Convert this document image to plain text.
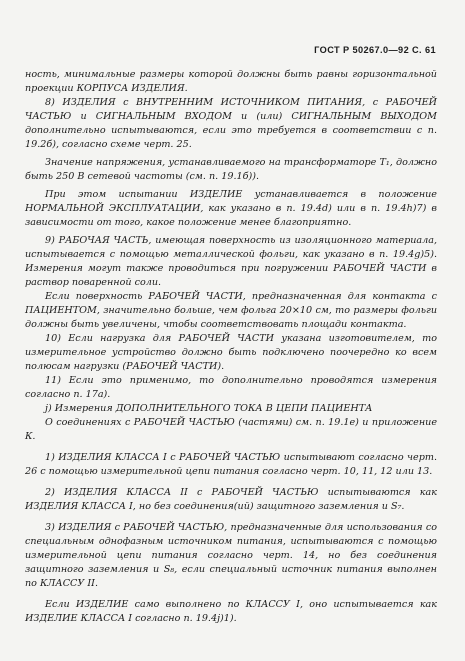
ГОСТ Р 50267.0—92 С. 61

ность, минимальные размеры которой должны быть равны горизонтальной проекции КОРПУСА ИЗДЕЛИЯ.

8) ИЗДЕЛИЯ с ВНУТРЕННИМ ИСТОЧНИКОМ ПИТАНИЯ, с РАБОЧЕЙ ЧАСТЬЮ и СИГНАЛЬНЫМ ВХОДОМ и (или) СИГНАЛЬНЫМ ВЫХОДОМ дополнительно испытываются, если это требуется в соответствии с п. 19.2б), согласно схеме черт. 25.

Значение напряжения, устанавливаемого на трансформаторе T₁, должно быть 250 В сетевой частоты (см. п. 19.1б)).

При этом испытании ИЗДЕЛИЕ устанавливается в положение НОРМАЛЬНОЙ ЭКСПЛУАТАЦИИ, как указано в п. 19.4d) или в п. 19.4h)7) в зависимости от того, какое положение менее благоприятно.

9) РАБОЧАЯ ЧАСТЬ, имеющая поверхность из изоляционного материала, испытывается с помощью металлической фольги, как указано в п. 19.4g)5). Измерения могут также проводиться при погружении РАБОЧЕЙ ЧАСТИ в раствор поваренной соли.

Если поверхность РАБОЧЕЙ ЧАСТИ, предназначенная для контакта с ПАЦИЕНТОМ, значительно больше, чем фольга 20×10 см, то размеры фольги должны быть увеличены, чтобы соответствовать площади контакта.

10) Если нагрузка для РАБОЧЕЙ ЧАСТИ указана изготовителем, то измерительное устройство должно быть подключено поочередно ко всем полюсам нагрузки (РАБОЧЕЙ ЧАСТИ).

11) Если это применимо, то дополнительно проводятся измерения согласно п. 17а).

j) Измерения ДОПОЛНИТЕЛЬНОГО ТОКА В ЦЕПИ ПАЦИЕНТА

О соединениях с РАБОЧЕЙ ЧАСТЬЮ (частями) см. п. 19.1е) и приложение К.

1) ИЗДЕЛИЯ КЛАССА I с РАБОЧЕЙ ЧАСТЬЮ испытывают согласно черт. 26 с помощью измерительной цепи питания согласно черт. 10, 11, 12 или 13.

2) ИЗДЕЛИЯ КЛАССА II с РАБОЧЕЙ ЧАСТЬЮ испытываются как ИЗДЕЛИЯ КЛАССА I, но без соединения(ий) защитного заземления и S₇.

3) ИЗДЕЛИЯ с РАБОЧЕЙ ЧАСТЬЮ, предназначенные для использования со специальным однофазным источником питания, испытываются с помощью измерительной цепи питания согласно черт. 14, но без соединения защитного заземления и S₈, если специальный источник питания выполнен по КЛАССУ II.

Если ИЗДЕЛИЕ само выполнено по КЛАССУ I, оно испытывается как ИЗДЕЛИЕ КЛАССА I согласно п. 19.4j)1).
